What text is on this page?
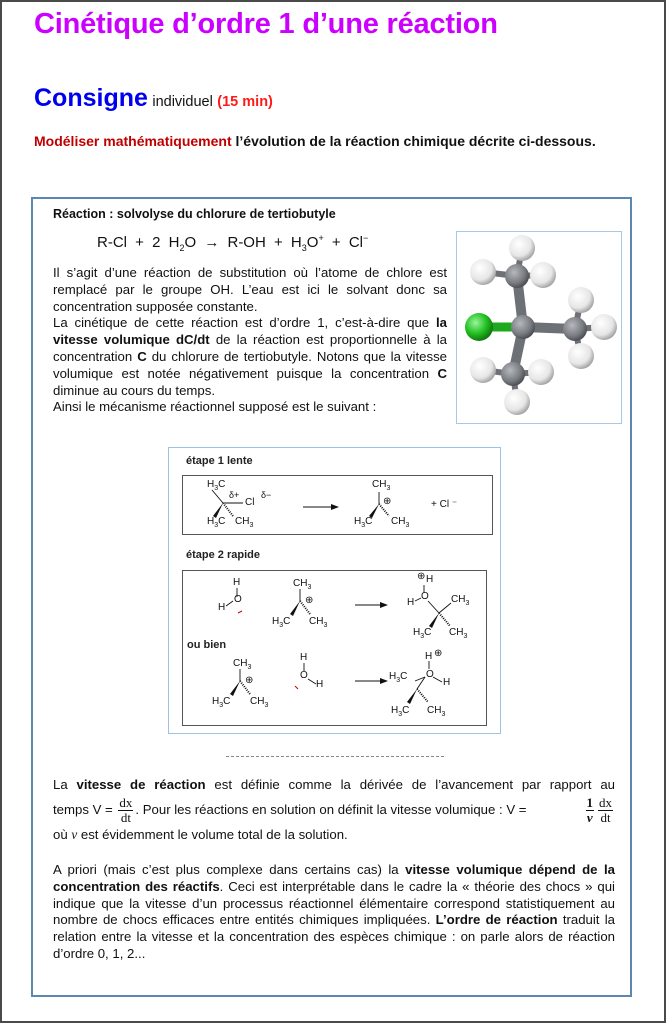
Cinétique d’ordre 1 d’une réaction
Consigne individuel (15 min)
Modéliser mathématiquement l’évolution de la réaction chimique décrite ci-dessous.
Réaction : solvolyse du chlorure de tertiobutyle
R-Cl + 2 $H_2O \to R-OH + H_3O^+ + Cl^-$

Il s’agit d’une réaction de substitution où l’atome de chlore est remplacé par le groupe OH. L’eau est ici le solvant donc sa concentration supposée constante.

La cinétique de cette réaction est d’ordre 1, c’est-à-dire que la vitesse volumique dC/dt de la réaction est proportionnelle à la concentration C du chlorure de tertiobutyle. Notons que la vitesse volumique est notée négativement puisque la concentration C diminue au cours du temps.

Ainsi le mécanisme réactionnel supposé est le suivant :

étape 1 lente
$H_3C$
δ+ δ−
Cl
$H_3C$ $CH_3$
$CH_3$
⊕
$H_3C$ $CH_3$
+ Cl ⁻
étape 2 rapide
H
O
H
$CH_3$
⊕
$H_3C$ $CH_3$
⊕ H
O
H	$CH_3$
$H_3C$ $CH_3$
ou bien
$CH_3$
⊕
$H_3C$ $CH_3$
H
O
H
H ⊕
O
H
$H_3C$
$H_3C$ $CH_3$
La vitesse de réaction est définie comme la dérivée de l’avancement par rapport au
temps $V = \frac{dx}{dt}$ . Pour les réactions en solution on définit la vitesse volumique : V =	$\frac{1}{v} \frac{dx}{dt}$
où v est évidemment le volume total de la solution.

A priori (mais c’est plus complexe dans certains cas) la vitesse volumique dépend de la concentration des réactifs. Ceci est interprétable dans le cadre la « théorie des chocs » qui indique que la vitesse d’un processus réactionnel élémentaire correspond statistiquement au nombre de chocs efficaces entre entités chimiques impliquées. L’ordre de réaction traduit la relation entre la vitesse et la concentration des espèces chimique : on parle alors de réaction d’ordre 0, 1, 2...
